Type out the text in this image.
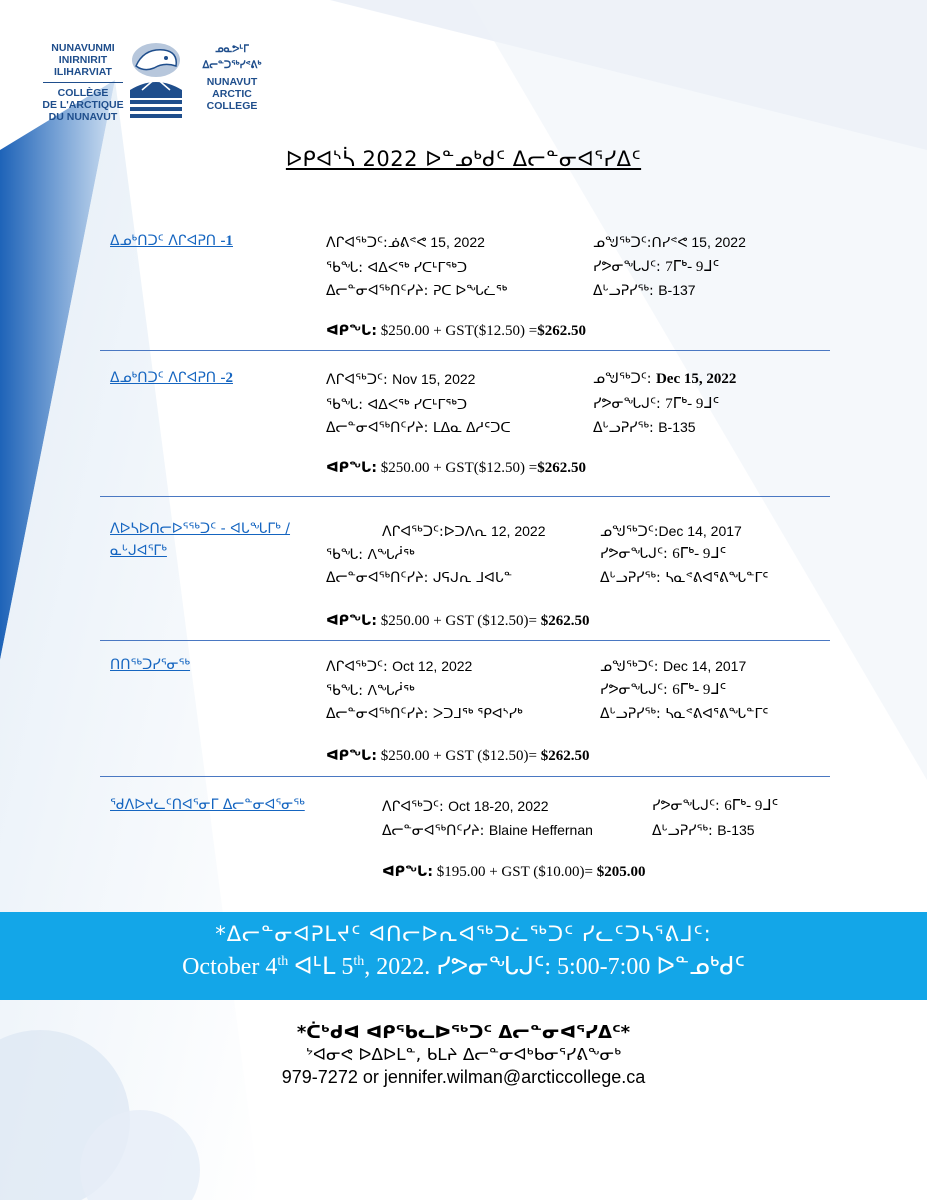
NUNAVUNMI
INIRNIRIT
ILIHARVIAT
COLLÈGE
DE L'ARCTIQUE
DU NUNAVUT
ᓄᓇᕗᒻᒥ
ᐃᓕᓐᑐᖅᓯᕝᕕᒃ
NUNAVUT
ARCTIC
COLLEGE
ᐅᑭᐊᔅᓵ 2022 ᐅᓐᓄᒃᑯᑦ ᐃᓕᓐᓂᐊᕐᓯᐃᑦ
ᐃᓄᒃᑎᑐᑦ ᐱᒋᐊᕈᑎ -1	ᐱᒋᐊᖅᑐᑦ:ᓅᕕᕝᕙ 15, 2022	ᓄᖑᖅᑐᑦ:ᑎᓯᕝᕙ 15, 2022
ᖃᖓ: ᐊᐃᐸᖅ ᓯᑕᒻᒥᖅᑐ	ᓯᕗᓂᖓᒍᑦ: 7ᒥᒃ- 9ᒧᑦ
ᐃᓕᓐᓂᐊᖅᑎᑦᓯᔨ: ᕈᑕ ᐅᖓᓛᖅ	ᐃᒡᓗᕈᓯᖅ: B-137
ᐊᑭᖓ: $250.00 + GST($12.50) =$262.50
ᐃᓄᒃᑎᑐᑦ ᐱᒋᐊᕈᑎ -2	ᐱᒋᐊᖅᑐᑦ: Nov 15, 2022	ᓄᖑᖅᑐᑦ: Dec 15, 2022
ᖃᖓ: ᐊᐃᐸᖅ ᓯᑕᒻᒥᖅᑐ	ᓯᕗᓂᖓᒍᑦ: 7ᒥᒃ- 9ᒧᑦ
ᐃᓕᓐᓂᐊᖅᑎᑦᓯᔨ: ᒪᐃᓇ ᐃᓱᑦᑐᑕ	ᐃᒡᓗᕈᓯᖅ: B-135
ᐊᑭᖓ: $250.00 + GST($12.50) =$262.50
ᐱᐅᓴᐅᑎᓕᐅᕐᖅᑐᑦ - ᐊᒐᖓᒥᒃ /ᓇᒡᒍᐊᕐᒥᒃ
ᐱᒋᐊᖅᑐᑦ:ᐅᑐᐱᕆ 12, 2022	ᓄᖑᖅᑐᑦ:Dec 14, 2017
ᖃᖓ: ᐱᖓᓲᖅ	ᓯᕗᓂᖓᒍᑦ: 6ᒥᒃ- 9ᒧᑦ
ᐃᓕᓐᓂᐊᖅᑎᑦᓯᔨ: ᒍᕋᒍᕆ ᒧᐊᒐᓐ	ᐃᒡᓗᕈᓯᖅ: ᓴᓇᕝᕕᐊᕐᕕᖓᓐᒥᑦ
ᐊᑭᖓ: $250.00 + GST ($12.50)= $262.50
ᑎᑎᖅᑐᓯᕐᓂᖅ	ᐱᒋᐊᖅᑐᑦ: Oct 12, 2022	ᓄᖑᖅᑐᑦ: Dec 14, 2017
ᖃᖓ: ᐱᖓᓲᖅ	ᓯᕗᓂᖓᒍᑦ: 6ᒥᒃ- 9ᒧᑦ
ᐃᓕᓐᓂᐊᖅᑎᑦᓯᔨ: ᐳᑐᒧᖅ ᕿᐊᔅᓯᒃ	ᐃᒡᓗᕈᓯᖅ: ᓴᓇᕝᕕᐊᕐᕕᖓᓐᒥᑦ
ᐊᑭᖓ: $250.00 + GST ($12.50)= $262.50
ᖁᐱᐅᔪᓚᑦᑎᐊᕐᓂᒥ ᐃᓕᓐᓂᐊᕐᓂᖅ	ᐱᒋᐊᖅᑐᑦ: Oct 18-20, 2022	ᓯᕗᓂᖓᒍᑦ: 6ᒥᒃ- 9ᒧᑦ
ᐃᓕᓐᓂᐊᖅᑎᑦᓯᔨ: Blaine Heffernan	ᐃᒡᓗᕈᓯᖅ: B-135
ᐊᑭᖓ: $195.00 + GST ($10.00)= $205.00
*ᐃᓕᓐᓂᐊᕈᒪᔪᑦ ᐊᑎᓕᐅᕆᐊᖅᑐᓛᖅᑐᑦ ᓯᓚᑦᑐᓴᕐᕕᒧᑦ:
October 4th ᐊᒻᒪ 5th, 2022. ᓯᕗᓂᖓᒍᑦ: 5:00-7:00 ᐅᓐᓄᒃᑯᑦ
*ᑖᒃᑯᐊ ᐊᑭᖃᓚᐅᖅᑐᑦ ᐃᓕᓐᓂᐊᕐᓯᐃᑦ*
ᔾᐊᓂᕙ ᐅᐃᐅᒪᓐ, ᑲᒪᔨ ᐃᓕᓐᓂᐊᒃᑲᓂᕐᓯᕕᖕᓂᒃ
979-7272 or jennifer.wilman@arcticcollege.ca
